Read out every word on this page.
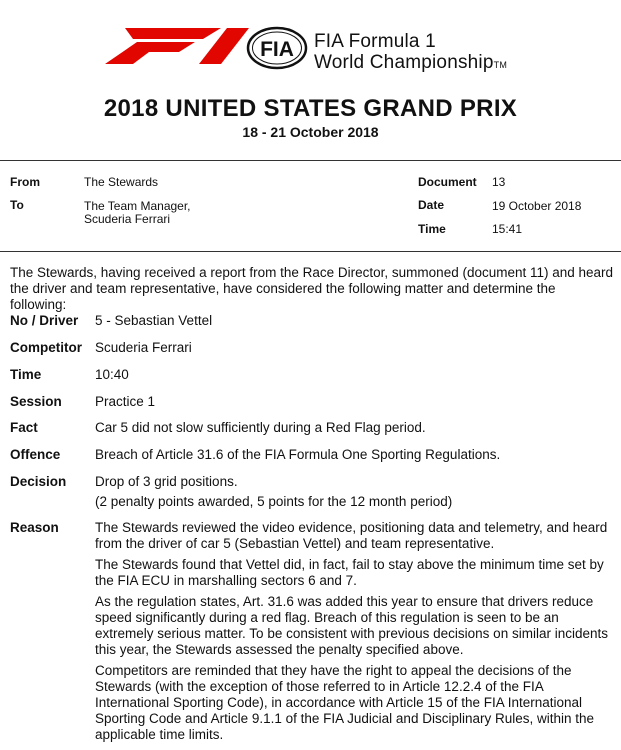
FIA FIA Formula 1
World ChampionshipTM
2018 UNITED STATES GRAND PRIX
18 - 21 October 2018
From	The Stewards
To	The Team Manager,
Scuderia Ferrari
Document 13
Date	19 October 2018
Time	15:41
The Stewards, having received a report from the Race Director, summoned (document 11) and heard the driver and team representative, have considered the following matter and determine the following:
No / Driver 5 - Sebastian Vettel
Competitor Scuderia Ferrari
Time	10:40
Session Practice 1
Fact	Car 5 did not slow sufficiently during a Red Flag period.
Offence	Breach of Article 31.6 of the FIA Formula One Sporting Regulations.
Decision Drop of 3 grid positions.
(2 penalty points awarded, 5 points for the 12 month period)
Reason	The Stewards reviewed the video evidence, positioning data and telemetry, and heard from the driver of car 5 (Sebastian Vettel) and team representative.

The Stewards found that Vettel did, in fact, fail to stay above the minimum time set by the FIA ECU in marshalling sectors 6 and 7.

As the regulation states, Art. 31.6 was added this year to ensure that drivers reduce speed significantly during a red flag. Breach of this regulation is seen to be an extremely serious matter. To be consistent with previous decisions on similar incidents this year, the Stewards assessed the penalty specified above.

Competitors are reminded that they have the right to appeal the decisions of the Stewards (with the exception of those referred to in Article 12.2.4 of the FIA International Sporting Code), in accordance with Article 15 of the FIA International Sporting Code and Article 9.1.1 of the FIA Judicial and Disciplinary Rules, within the applicable time limits.
